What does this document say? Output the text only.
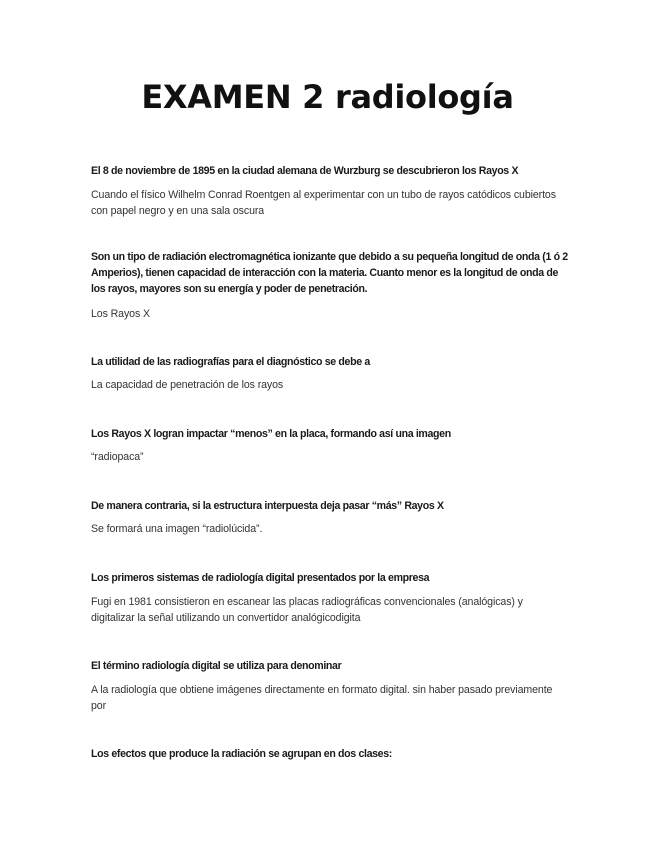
EXAMEN 2 radiología

El 8 de noviembre de 1895 en la ciudad alemana de Wurzburg se descubrieron los Rayos X

Cuando el físico Wilhelm Conrad Roentgen al experimentar con un tubo de rayos catódicos cubiertos con papel negro y en una sala oscura

Son un tipo de radiación electromagnética ionizante que debido a su pequeña longitud de onda (1 ó 2 Amperios), tienen capacidad de interacción con la materia. Cuanto menor es la longitud de onda de los rayos, mayores son su energía y poder de penetración.

Los Rayos X

La utilidad de las radiografías para el diagnóstico se debe a

La capacidad de penetración de los rayos

Los Rayos X logran impactar “menos” en la placa, formando así una imagen

“radiopaca”

De manera contraria, si la estructura interpuesta deja pasar “más” Rayos X

Se formará una imagen “radiolúcida”.

Los primeros sistemas de radiología digital presentados por la empresa

Fugi en 1981 consistieron en escanear las placas radiográficas convencionales (analógicas) y digitalizar la señal utilizando un convertidor analógicodigita

El término radiología digital se utiliza para denominar

A la radiología que obtiene imágenes directamente en formato digital. sin haber pasado previamente por

Los efectos que produce la radiación se agrupan en dos clases:
